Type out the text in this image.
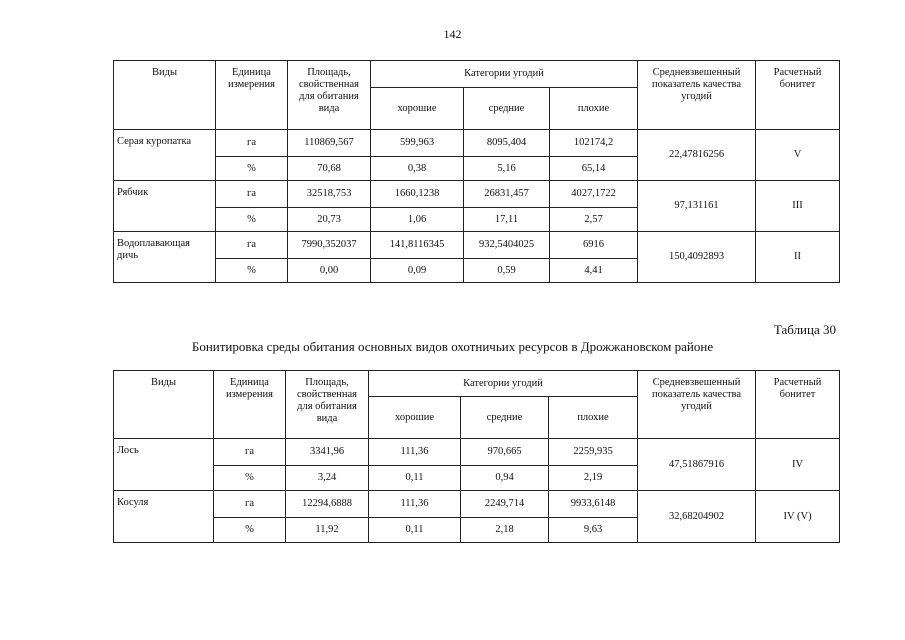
142
Виды	Единица измерения	Площадь, свойственная для обитания вида	Категории угодий			Средневзвешенный показатель качества угодий	Расчетный бонитет
			хорошие	средние	плохие		
Серая куропатка	га	110869,567	599,963	8095,404	102174,2	22,47816256	V
	%	70,68	0,38	5,16	65,14		
Рябчик	га	32518,753	1660,1238	26831,457	4027,1722	97,131161	III
	%	20,73	1,06	17,11	2,57		
Водоплавающая дичь	га	7990,352037	141,8116345	932,5404025	6916	150,4092893	II
	%	0,00	0,09	0,59	4,41		
Таблица 30
Бонитировка среды обитания основных видов охотничьих ресурсов в Дрожжановском районе
Виды	Единица измерения	Площадь, свойственная для обитания вида	Категории угодий			Средневзвешенный показатель качества угодий	Расчетный бонитет
			хорошие	средние	плохие		
Лось	га	3341,96	111,36	970,665	2259,935	47,51867916	IV
	%	3,24	0,11	0,94	2,19		
Косуля	га	12294,6888	111,36	2249,714	9933,6148	32,68204902	IV (V)
	%	11,92	0,11	2,18	9,63		
